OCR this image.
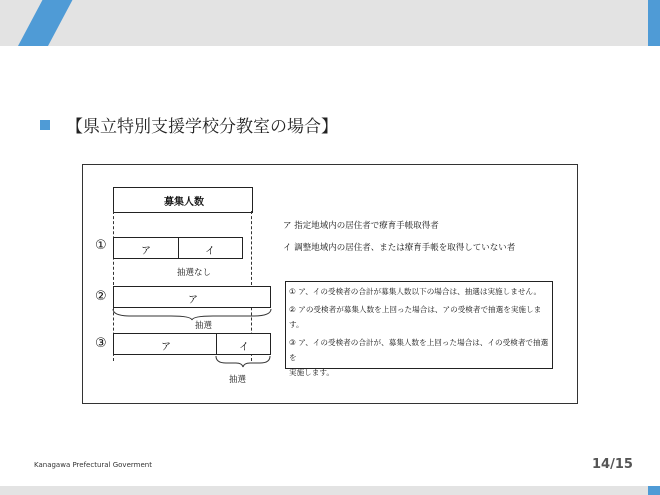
【県立特別支援学校分教室の場合】
募集人数
ア 指定地域内の居住者で療育手帳取得者
イ 調整地域内の居住者、または療育手帳を取得していない者
①	ア	イ
抽選なし
②	ア
抽選
③	ア	イ
抽選
① ア、イの受検者の合計が募集人数以下の場合は、抽選は実施しません。
② アの受検者が募集人数を上回った場合は、アの受検者で抽選を実施します。
③ ア、イの受検者の合計が、募集人数を上回った場合は、イの受検者で抽選を
実施します。
Kanagawa Prefectural Goverment	14/15
